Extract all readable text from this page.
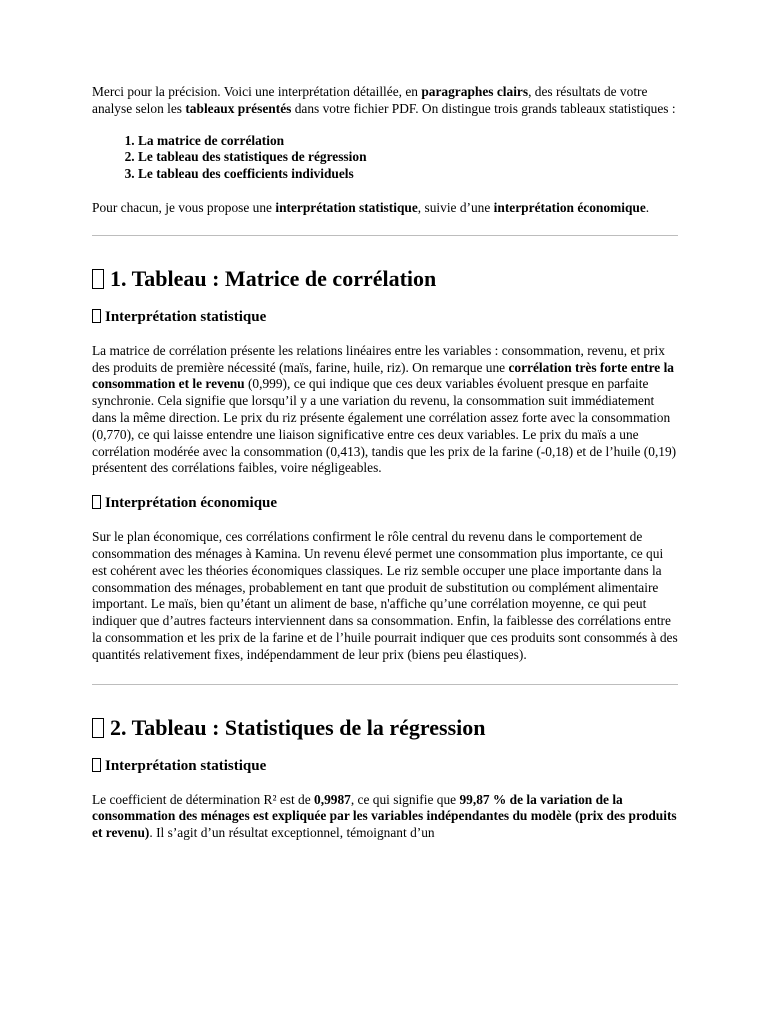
Merci pour la précision. Voici une interprétation détaillée, en paragraphes clairs, des résultats de votre analyse selon les tableaux présentés dans votre fichier PDF. On distingue trois grands tableaux statistiques :

1. La matrice de corrélation
2. Le tableau des statistiques de régression
3. Le tableau des coefficients individuels

Pour chacun, je vous propose une interprétation statistique, suivie d’une interprétation économique.

1. Tableau : Matrice de corrélation
Interprétation statistique

La matrice de corrélation présente les relations linéaires entre les variables : consommation, revenu, et prix des produits de première nécessité (maïs, farine, huile, riz). On remarque une corrélation très forte entre la consommation et le revenu (0,999), ce qui indique que ces deux variables évoluent presque en parfaite synchronie. Cela signifie que lorsqu’il y a une variation du revenu, la consommation suit immédiatement dans la même direction. Le prix du riz présente également une corrélation assez forte avec la consommation (0,770), ce qui laisse entendre une liaison significative entre ces deux variables. Le prix du maïs a une corrélation modérée avec la consommation (0,413), tandis que les prix de la farine (-0,18) et de l’huile (0,19) présentent des corrélations faibles, voire négligeables.

Interprétation économique

Sur le plan économique, ces corrélations confirment le rôle central du revenu dans le comportement de consommation des ménages à Kamina. Un revenu élevé permet une consommation plus importante, ce qui est cohérent avec les théories économiques classiques. Le riz semble occuper une place importante dans la consommation des ménages, probablement en tant que produit de substitution ou complément alimentaire important. Le maïs, bien qu’étant un aliment de base, n'affiche qu’une corrélation moyenne, ce qui peut indiquer que d’autres facteurs interviennent dans sa consommation. Enfin, la faiblesse des corrélations entre la consommation et les prix de la farine et de l’huile pourrait indiquer que ces produits sont consommés à des quantités relativement fixes, indépendamment de leur prix (biens peu élastiques).

2. Tableau : Statistiques de la régression
Interprétation statistique

Le coefficient de détermination R² est de 0,9987, ce qui signifie que 99,87 % de la variation de la consommation des ménages est expliquée par les variables indépendantes du modèle (prix des produits et revenu). Il s’agit d’un résultat exceptionnel, témoignant d’un
